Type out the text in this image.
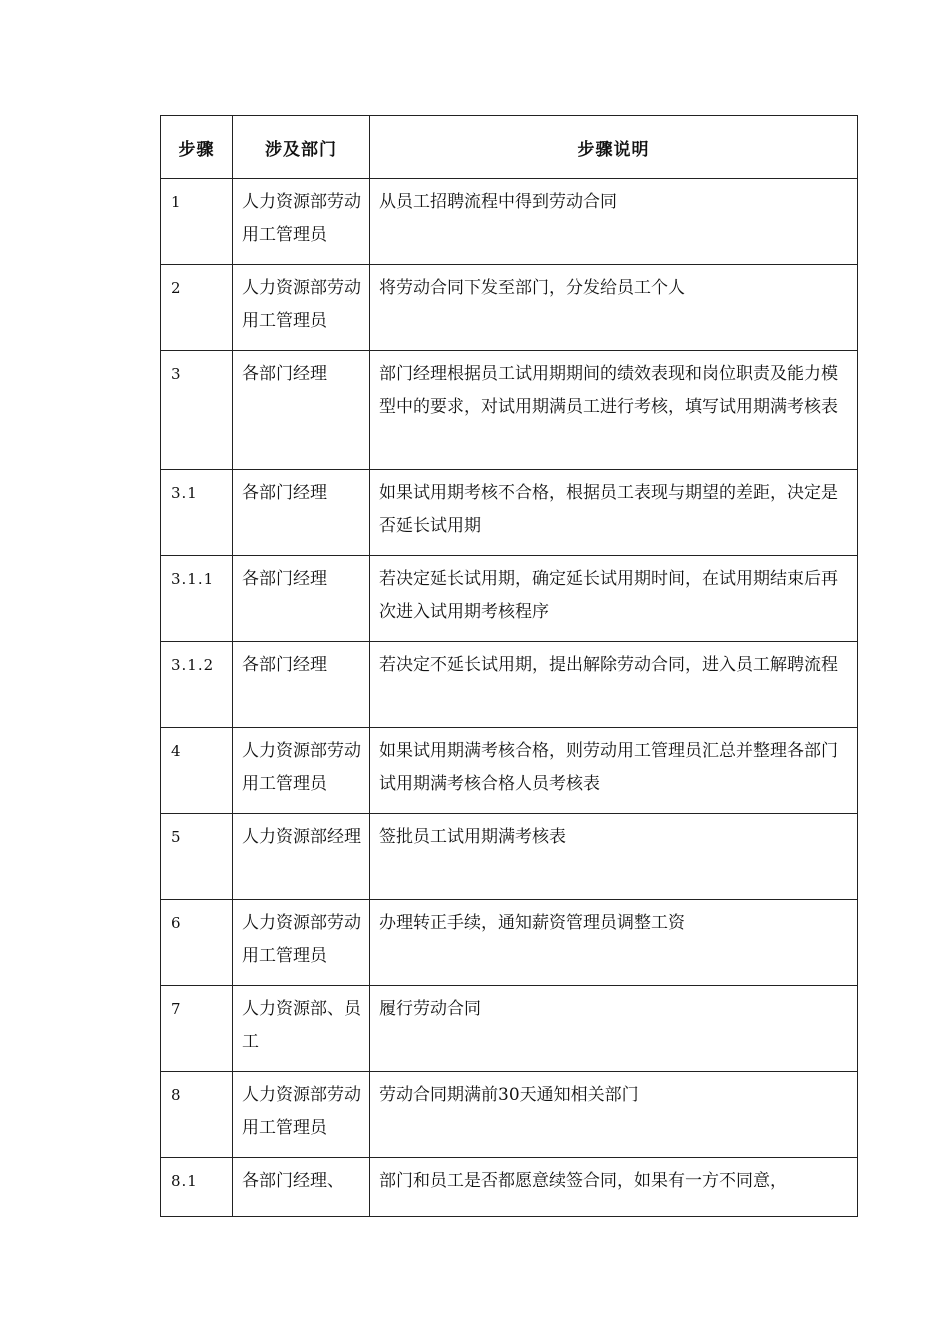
步骤	涉及部门	步骤说明

1	人力资源部劳动用工管理员	从员工招聘流程中得到劳动合同

2	人力资源部劳动用工管理员	将劳动合同下发至部门，分发给员工个人

3	各部门经理	部门经理根据员工试用期期间的绩效表现和岗位职责及能力模型中的要求，对试用期满员工进行考核，填写试用期满考核表

3.1	各部门经理	如果试用期考核不合格，根据员工表现与期望的差距，决定是否延长试用期

3.1.1	各部门经理	若决定延长试用期，确定延长试用期时间，在试用期结束后再次进入试用期考核程序

3.1.2	各部门经理	若决定不延长试用期，提出解除劳动合同，进入员工解聘流程

4	人力资源部劳动用工管理员	如果试用期满考核合格，则劳动用工管理员汇总并整理各部门试用期满考核合格人员考核表

5	人力资源部经理	签批员工试用期满考核表

6	人力资源部劳动用工管理员	办理转正手续，通知薪资管理员调整工资

7	人力资源部、员工	履行劳动合同

8	人力资源部劳动用工管理员	劳动合同期满前30天通知相关部门

8.1	各部门经理、	部门和员工是否都愿意续签合同，如果有一方不同意，
